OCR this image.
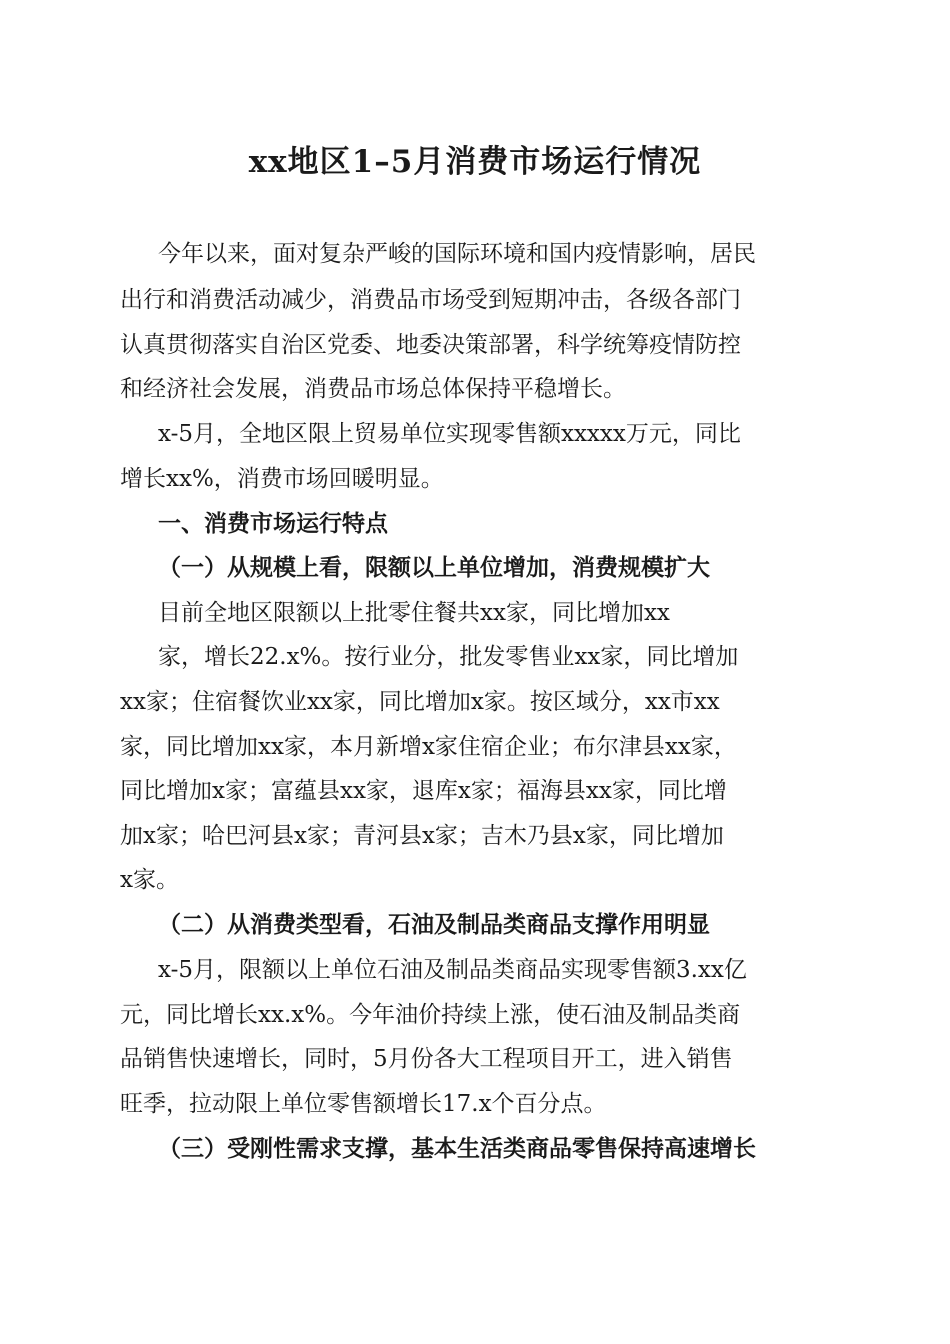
xx地区1–5月消费市场运行情况

今年以来，面对复杂严峻的国际环境和国内疫情影响，居民

出行和消费活动减少，消费品市场受到短期冲击，各级各部门

认真贯彻落实自治区党委、地委决策部署，科学统筹疫情防控

和经济社会发展，消费品市场总体保持平稳增长。

x-5月，全地区限上贸易单位实现零售额xxxxx万元，同比

增长xx%，消费市场回暖明显。

一、消费市场运行特点

（一）从规模上看，限额以上单位增加，消费规模扩大

目前全地区限额以上批零住餐共xx家，同比增加xx

家，增长22.x%。按行业分，批发零售业xx家，同比增加

xx家；住宿餐饮业xx家，同比增加x家。按区域分，xx市xx

家，同比增加xx家，本月新增x家住宿企业；布尔津县xx家，

同比增加x家；富蕴县xx家，退库x家；福海县xx家，同比增

加x家；哈巴河县x家；青河县x家；吉木乃县x家，同比增加

x家。

（二）从消费类型看，石油及制品类商品支撑作用明显

x-5月，限额以上单位石油及制品类商品实现零售额3.xx亿

元，同比增长xx.x%。今年油价持续上涨，使石油及制品类商

品销售快速增长，同时，5月份各大工程项目开工，进入销售

旺季，拉动限上单位零售额增长17.x个百分点。

（三）受刚性需求支撑，基本生活类商品零售保持高速增长
